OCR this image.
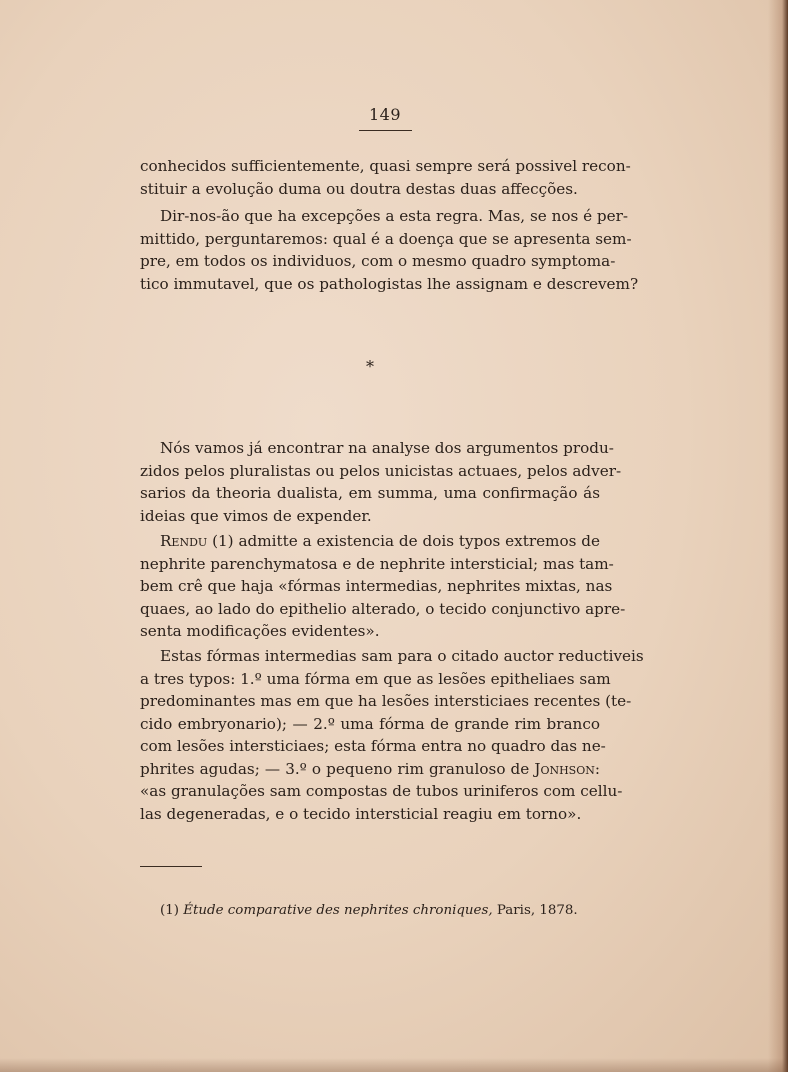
149
conhecidos sufficientemente, quasi sempre será possivel recon-
stituir a evolução duma ou doutra destas duas affecções.
Dir-nos-ão que ha excepções a esta regra. Mas, se nos é per-
mittido, perguntaremos: qual é a doença que se apresenta sem-
pre, em todos os individuos, com o mesmo quadro symptoma-
tico immutavel, que os pathologistas lhe assignam e descrevem?
*
Nós vamos já encontrar na analyse dos argumentos produ-
zidos pelos pluralistas ou pelos unicistas actuaes, pelos adver-
sarios da theoria dualista, em summa, uma confirmação ás
ideias que vimos de expender.
Rendu (1) admitte a existencia de dois typos extremos de
nephrite parenchymatosa e de nephrite intersticial; mas tam-
bem crê que haja «fórmas intermedias, nephrites mixtas, nas
quaes, ao lado do epithelio alterado, o tecido conjunctivo apre-
senta modificações evidentes».
Estas fórmas intermedias sam para o citado auctor reductiveis
a tres typos: 1.º uma fórma em que as lesões epitheliaes sam
predominantes mas em que ha lesões intersticiaes recentes (te-
cido embryonario); — 2.º uma fórma de grande rim branco
com lesões intersticiaes; esta fórma entra no quadro das ne-
phrites agudas; — 3.º o pequeno rim granuloso de Jonhson:
«as granulações sam compostas de tubos uriniferos com cellu-
las degeneradas, e o tecido intersticial reagiu em torno».
(1) Étude comparative des nephrites chroniques, Paris, 1878.
